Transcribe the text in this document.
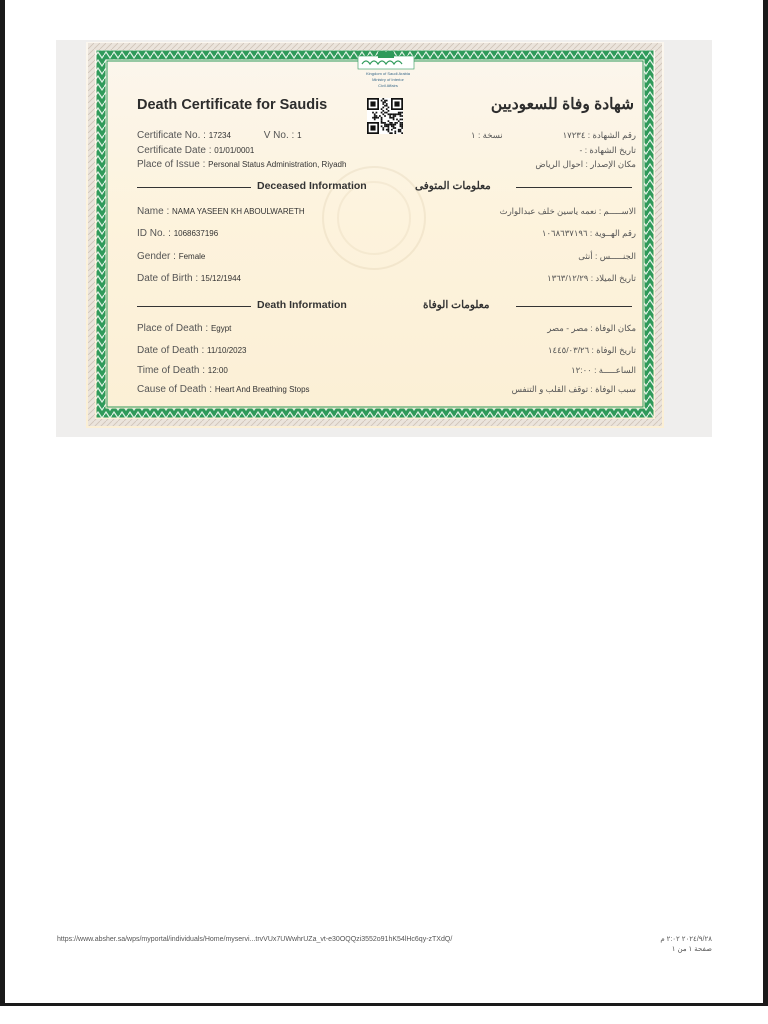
Kingdom of Saudi Arabia
Ministry of Interior
Civil Affairs
Death Certificate for Saudis	شهادة وفاة للسعوديين
Certificate No. : 17234	V No. : 1
Certificate Date : 01/01/0001
Place of Issue : Personal Status Administration, Riyadh
رقم الشهادة : ١٧٢٣٤
نسخة : ١
تاريخ الشهادة : -
مكان الإصدار : احوال الرياض
Deceased Information	معلومات المتوفى
Name : NAMA YASEEN KH ABOULWARETH
ID No. : 1068637196
Gender : Female
Date of Birth : 15/12/1944
الاســـــم : نعمه ياسين خلف عبدالوارث
رقم الهــوية : ١٠٦٨٦٣٧١٩٦
الجنـــــس : أنثى
تاريخ الميلاد : ١٣٦٣/١٢/٢٩
Death Information	معلومات الوفاة
Place of Death : Egypt
Date of Death : 11/10/2023
Time of Death : 12:00
Cause of Death : Heart And Breathing Stops
مكان الوفاة : مصر - مصر
تاريخ الوفاة : ١٤٤٥/٠٣/٢٦
الساعـــــة : ١٢:٠٠
سبب الوفاة : توقف القلب و التنفس
https://www.absher.sa/wps/myportal/individuals/Home/myservi...trvVUx7UWwhrUZa_vt-e30OQQzi3552o91hK54lHc6qy-zTXdQ/	٢٠٢٤/٩/٢٨ ٢:٠٢ م
صفحة ١ من ١
